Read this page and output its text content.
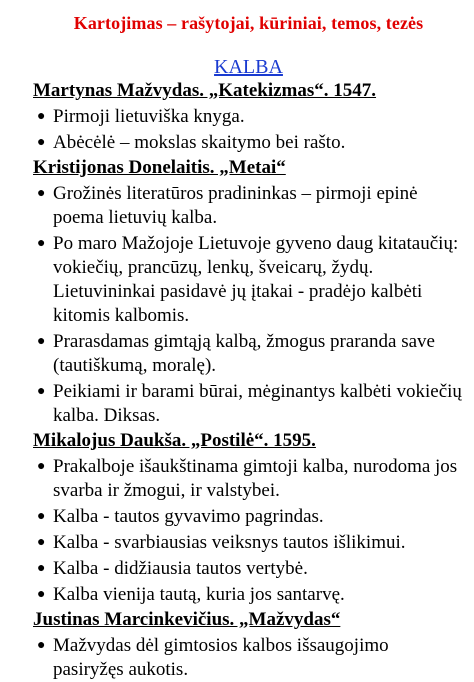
Kartojimas – rašytojai, kūriniai, temos, tezės
KALBA
Martynas Mažvydas. „Katekizmas“. 1547.
● Pirmoji lietuviška knyga.
● Abėcėlė – mokslas skaitymo bei rašto.
Kristijonas Donelaitis. „Metai“
● Grožinės literatūros pradininkas – pirmoji epinė poema lietuvių kalba.
● Po maro Mažojoje Lietuvoje gyveno daug kitataučių: vokiečių, prancūzų, lenkų, šveicarų, žydų. Lietuvininkai pasidavė jų įtakai - pradėjo kalbėti kitomis kalbomis.
● Prarasdamas gimtąją kalbą, žmogus praranda save (tautiškumą, moralę).
● Peikiami ir barami būrai, mėginantys kalbėti vokiečių kalba. Diksas.
Mikalojus Daukša. „Postilė“. 1595.
● Prakalboje išaukštinama gimtoji kalba, nurodoma jos svarba ir žmogui, ir valstybei.
● Kalba - tautos gyvavimo pagrindas.
● Kalba - svarbiausias veiksnys tautos išlikimui.
● Kalba - didžiausia tautos vertybė.
● Kalba vienija tautą, kuria jos santarvę.
Justinas Marcinkevičius. „Mažvydas“
● Mažvydas dėl gimtosios kalbos išsaugojimo pasiryžęs aukotis.
